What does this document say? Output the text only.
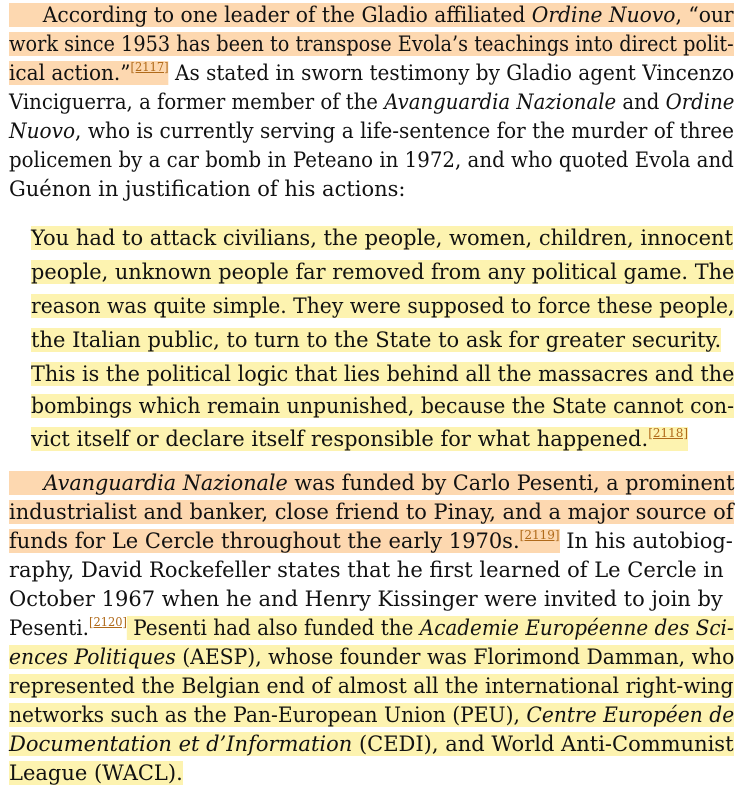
According to one leader of the Gladio affiliated Ordine Nuovo, “our
work since 1953 has been to transpose Evola’s teachings into direct polit-
ical action.”[2117] As stated in sworn testimony by Gladio agent Vincenzo
Vinciguerra, a former member of the Avanguardia Nazionale and Ordine
Nuovo, who is currently serving a life-sentence for the murder of three
policemen by a car bomb in Peteano in 1972, and who quoted Evola and
Guénon in justification of his actions:
You had to attack civilians, the people, women, children, innocent
people, unknown people far removed from any political game. The
reason was quite simple. They were supposed to force these people,
the Italian public, to turn to the State to ask for greater security.
This is the political logic that lies behind all the massacres and the
bombings which remain unpunished, because the State cannot con-
vict itself or declare itself responsible for what happened.[2118]
Avanguardia Nazionale was funded by Carlo Pesenti, a prominent
industrialist and banker, close friend to Pinay, and a major source of
funds for Le Cercle throughout the early 1970s.[2119] In his autobiog-
raphy, David Rockefeller states that he first learned of Le Cercle in
October 1967 when he and Henry Kissinger were invited to join by
Pesenti.[2120] Pesenti had also funded the Academie Européenne des Sci-
ences Politiques (AESP), whose founder was Florimond Damman, who
represented the Belgian end of almost all the international right-wing
networks such as the Pan-European Union (PEU), Centre Européen de
Documentation et d’Information (CEDI), and World Anti-Communist
League (WACL).
